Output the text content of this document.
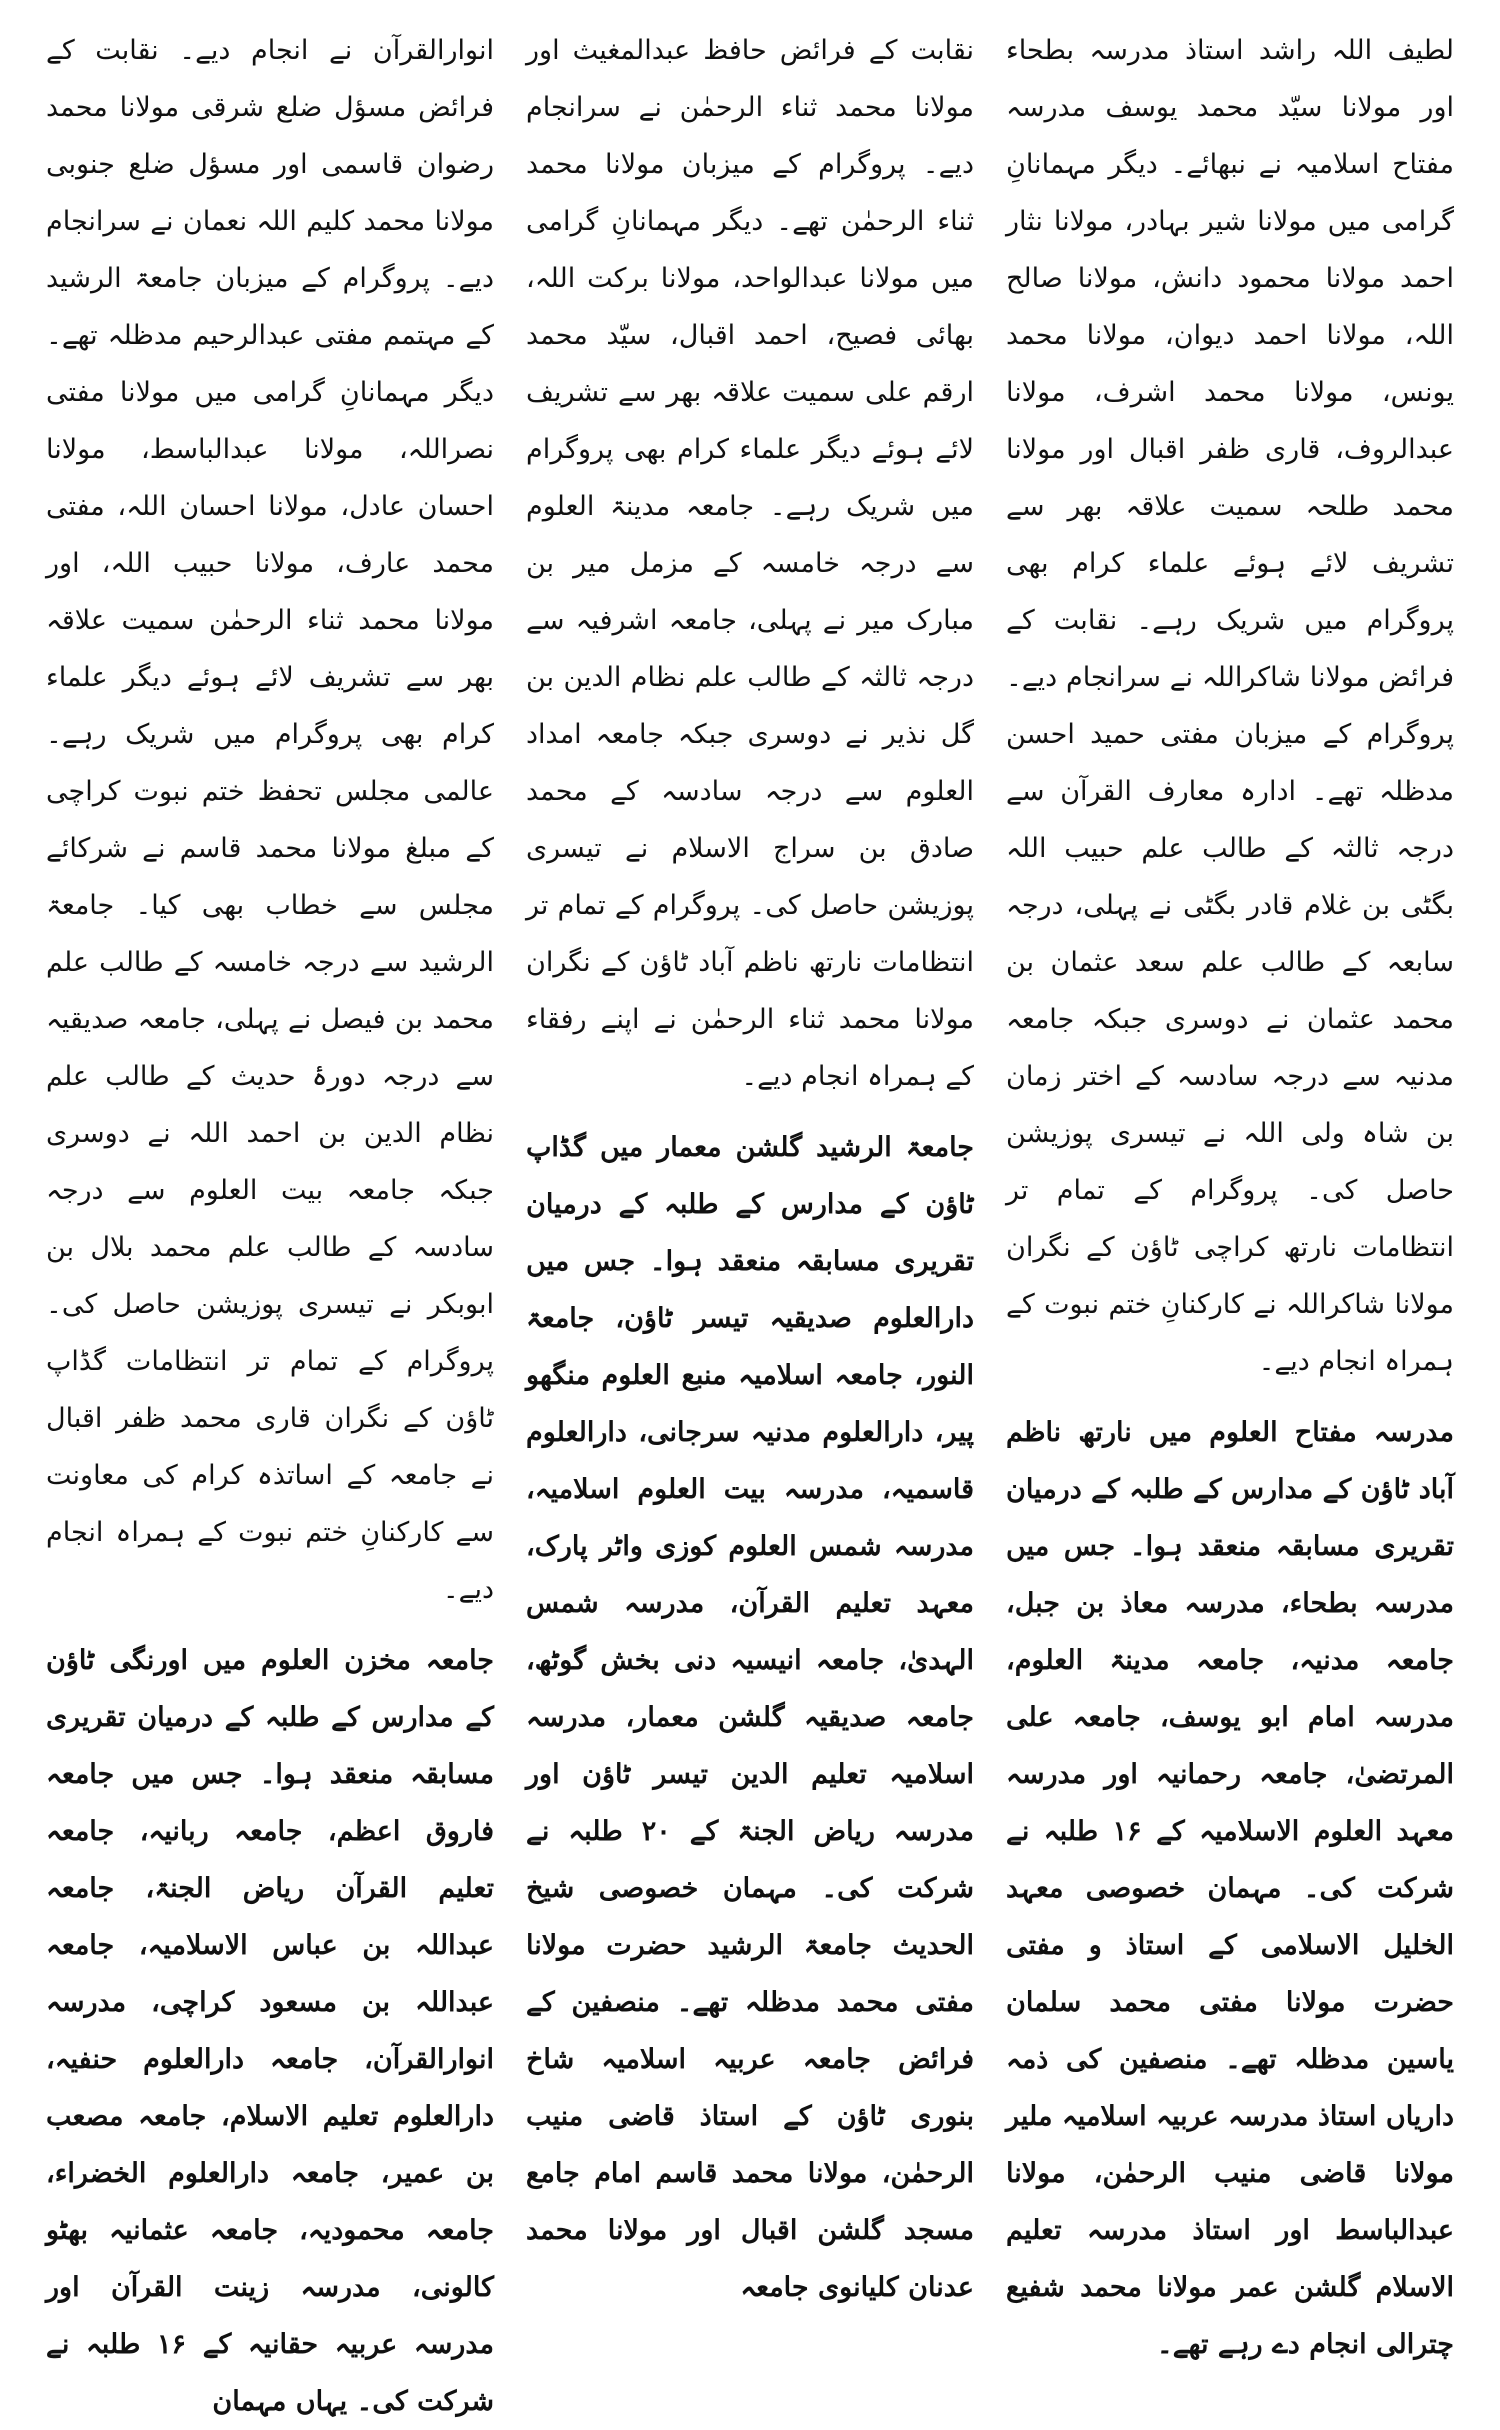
لطیف اللہ راشد استاذ مدرسہ بطحاء اور مولانا سیّد محمد یوسف مدرسہ مفتاح اسلامیہ نے نبھائے۔ دیگر مہمانانِ گرامی میں مولانا شیر بہادر، مولانا نثار احمد مولانا محمود دانش، مولانا صالح اللہ، مولانا احمد دیوان، مولانا محمد یونس، مولانا محمد اشرف، مولانا عبدالروف، قاری ظفر اقبال اور مولانا محمد طلحہ سمیت علاقہ بھر سے تشریف لائے ہوئے علماء کرام بھی پروگرام میں شریک رہے۔ نقابت کے فرائض مولانا شاکراللہ نے سرانجام دیے۔ پروگرام کے میزبان مفتی حمید احسن مدظلہ تھے۔ ادارہ معارف القرآن سے درجہ ثالثہ کے طالب علم حبیب اللہ بگٹی بن غلام قادر بگٹی نے پہلی، درجہ سابعہ کے طالب علم سعد عثمان بن محمد عثمان نے دوسری جبکہ جامعہ مدنیہ سے درجہ سادسہ کے اختر زمان بن شاہ ولی اللہ نے تیسری پوزیشن حاصل کی۔ پروگرام کے تمام تر انتظامات نارتھ کراچی ٹاؤن کے نگران مولانا شاکراللہ نے کارکنانِ ختم نبوت کے ہمراہ انجام دیے۔

مدرسہ مفتاح العلوم میں نارتھ ناظم آباد ٹاؤن کے مدارس کے طلبہ کے درمیان تقریری مسابقہ منعقد ہوا۔ جس میں مدرسہ بطحاء، مدرسہ معاذ بن جبل، جامعہ مدنیہ، جامعہ مدینۃ العلوم، مدرسہ امام ابو یوسف، جامعہ علی المرتضیٰ، جامعہ رحمانیہ اور مدرسہ معہد العلوم الاسلامیہ کے ۱۶ طلبہ نے شرکت کی۔ مہمان خصوصی معہد الخلیل الاسلامی کے استاذ و مفتی حضرت مولانا مفتی محمد سلمان یاسین مدظلہ تھے۔ منصفین کی ذمہ داریاں استاذ مدرسہ عربیہ اسلامیہ ملیر مولانا قاضی منیب الرحمٰن، مولانا عبدالباسط اور استاذ مدرسہ تعلیم الاسلام گلشن عمر مولانا محمد شفیع چترالی انجام دے رہے تھے۔

نقابت کے فرائض حافظ عبدالمغیث اور مولانا محمد ثناء الرحمٰن نے سرانجام دیے۔ پروگرام کے میزبان مولانا محمد ثناء الرحمٰن تھے۔ دیگر مہمانانِ گرامی میں مولانا عبدالواحد، مولانا برکت اللہ، بھائی فصیح، احمد اقبال، سیّد محمد ارقم علی سمیت علاقہ بھر سے تشریف لائے ہوئے دیگر علماء کرام بھی پروگرام میں شریک رہے۔ جامعہ مدینۃ العلوم سے درجہ خامسہ کے مزمل میر بن مبارک میر نے پہلی، جامعہ اشرفیہ سے درجہ ثالثہ کے طالب علم نظام الدین بن گل نذیر نے دوسری جبکہ جامعہ امداد العلوم سے درجہ سادسہ کے محمد صادق بن سراج الاسلام نے تیسری پوزیشن حاصل کی۔ پروگرام کے تمام تر انتظامات نارتھ ناظم آباد ٹاؤن کے نگران مولانا محمد ثناء الرحمٰن نے اپنے رفقاء کے ہمراہ انجام دیے۔

جامعۃ الرشید گلشن معمار میں گڈاپ ٹاؤن کے مدارس کے طلبہ کے درمیان تقریری مسابقہ منعقد ہوا۔ جس میں دارالعلوم صدیقیہ تیسر ٹاؤن، جامعۃ النور، جامعہ اسلامیہ منبع العلوم منگھو پیر، دارالعلوم مدنیہ سرجانی، دارالعلوم قاسمیہ، مدرسہ بیت العلوم اسلامیہ، مدرسہ شمس العلوم کوزی واٹر پارک، معہد تعلیم القرآن، مدرسہ شمس الہدیٰ، جامعہ انیسیہ دنی بخش گوٹھ، جامعہ صدیقیہ گلشن معمار، مدرسہ اسلامیہ تعلیم الدین تیسر ٹاؤن اور مدرسہ ریاض الجنۃ کے ۲۰ طلبہ نے شرکت کی۔ مہمان خصوصی شیخ الحدیث جامعۃ الرشید حضرت مولانا مفتی محمد مدظلہ تھے۔ منصفین کے فرائض جامعہ عربیہ اسلامیہ شاخ بنوری ٹاؤن کے استاذ قاضی منیب الرحمٰن، مولانا محمد قاسم امام جامع مسجد گلشن اقبال اور مولانا محمد عدنان کلیانوی جامعہ

انوارالقرآن نے انجام دیے۔ نقابت کے فرائض مسؤل ضلع شرقی مولانا محمد رضوان قاسمی اور مسؤل ضلع جنوبی مولانا محمد کلیم اللہ نعمان نے سرانجام دیے۔ پروگرام کے میزبان جامعۃ الرشید کے مہتمم مفتی عبدالرحیم مدظلہ تھے۔ دیگر مہمانانِ گرامی میں مولانا مفتی نصراللہ، مولانا عبدالباسط، مولانا احسان عادل، مولانا احسان اللہ، مفتی محمد عارف، مولانا حبیب اللہ، اور مولانا محمد ثناء الرحمٰن سمیت علاقہ بھر سے تشریف لائے ہوئے دیگر علماء کرام بھی پروگرام میں شریک رہے۔ عالمی مجلس تحفظ ختم نبوت کراچی کے مبلغ مولانا محمد قاسم نے شرکائے مجلس سے خطاب بھی کیا۔ جامعۃ الرشید سے درجہ خامسہ کے طالب علم محمد بن فیصل نے پہلی، جامعہ صدیقیہ سے درجہ دورۂ حدیث کے طالب علم نظام الدین بن احمد اللہ نے دوسری جبکہ جامعہ بیت العلوم سے درجہ سادسہ کے طالب علم محمد بلال بن ابوبکر نے تیسری پوزیشن حاصل کی۔ پروگرام کے تمام تر انتظامات گڈاپ ٹاؤن کے نگران قاری محمد ظفر اقبال نے جامعہ کے اساتذہ کرام کی معاونت سے کارکنانِ ختم نبوت کے ہمراہ انجام دیے۔

جامعہ مخزن العلوم میں اورنگی ٹاؤن کے مدارس کے طلبہ کے درمیان تقریری مسابقہ منعقد ہوا۔ جس میں جامعہ فاروق اعظم، جامعہ ربانیہ، جامعہ تعلیم القرآن ریاض الجنۃ، جامعہ عبداللہ بن عباس الاسلامیہ، جامعہ عبداللہ بن مسعود کراچی، مدرسہ انوارالقرآن، جامعہ دارالعلوم حنفیہ، دارالعلوم تعلیم الاسلام، جامعہ مصعب بن عمیر، جامعہ دارالعلوم الخضراء، جامعہ محمودیہ، جامعہ عثمانیہ بھٹو کالونی، مدرسہ زینت القرآن اور مدرسہ عربیہ حقانیہ کے ۱۶ طلبہ نے شرکت کی۔ یہاں مہمان
